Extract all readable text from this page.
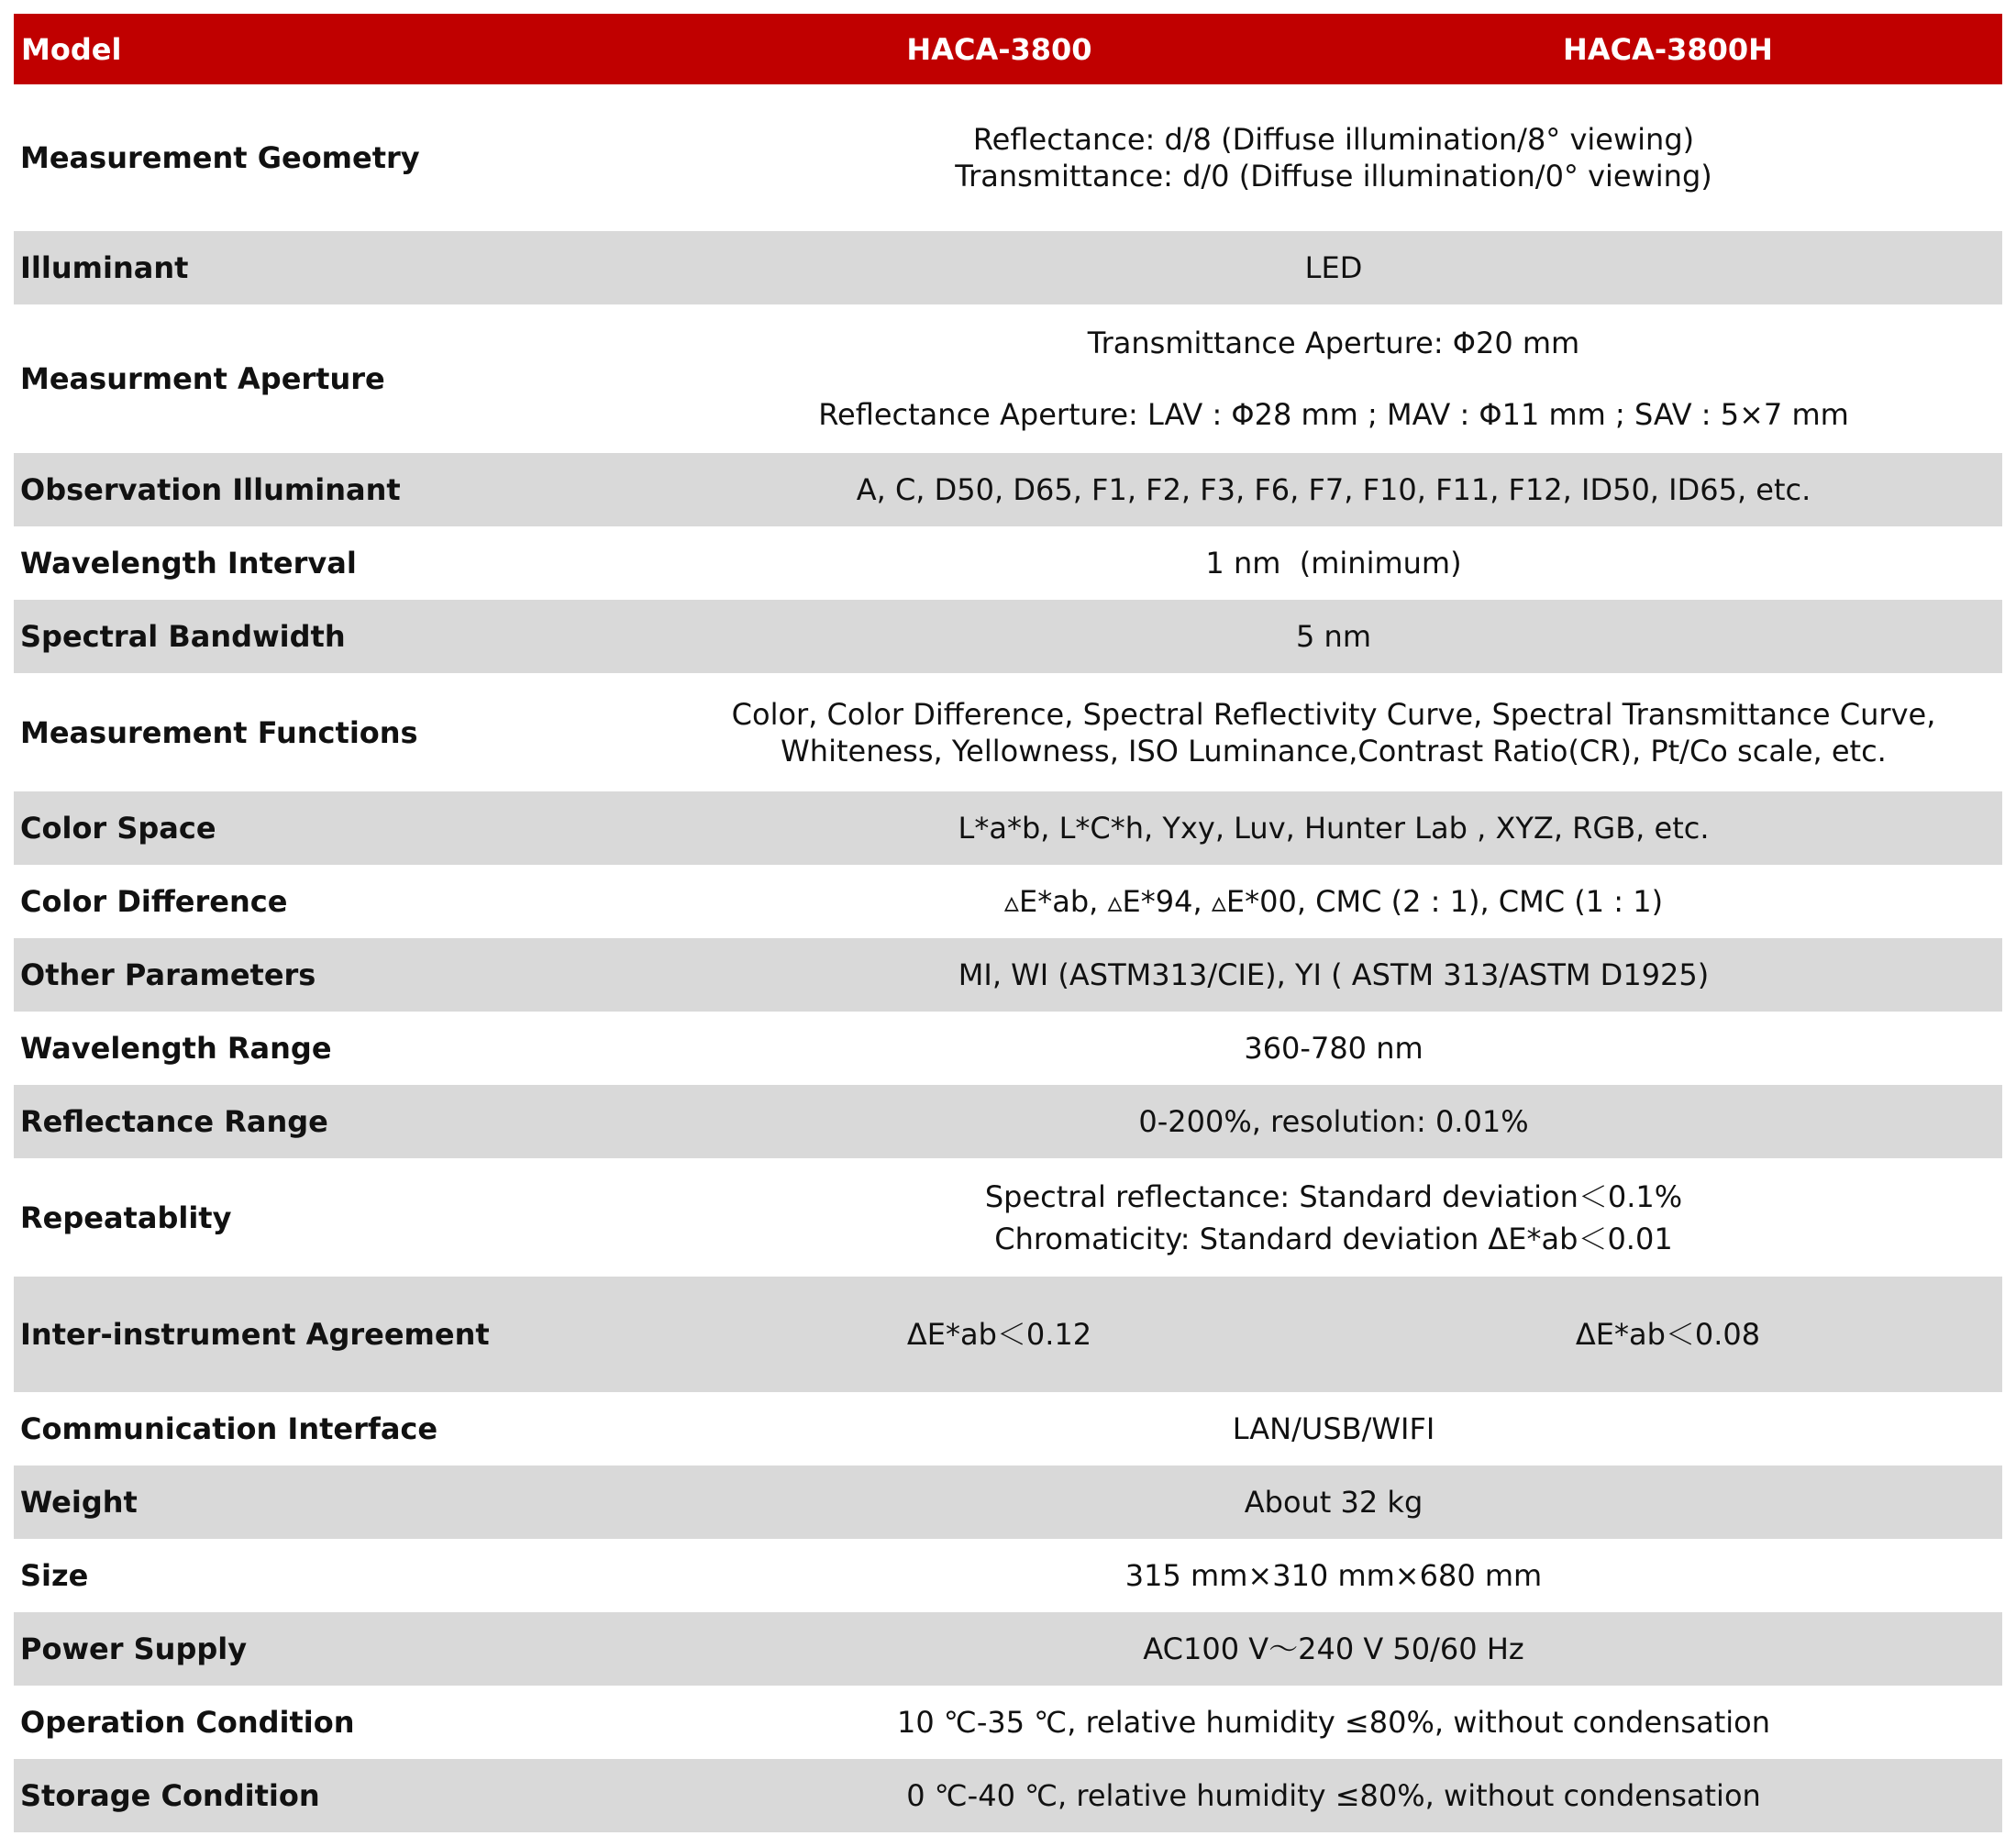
Model	HACA-3800	HACA-3800H
Measurement Geometry	Reflectance: d/8 (Diffuse illumination/8° viewing)
Transmittance: d/0 (Diffuse illumination/0° viewing)	

Illuminant	LED	
Measurment Aperture	Transmittance Aperture: Φ20 mm
Reflectance Aperture: LAV : Φ28 mm ; MAV : Φ11 mm ; SAV : 5×7 mm	

Observation Illuminant	A, C, D50, D65, F1, F2, F3, F6, F7, F10, F11, F12, ID50, ID65, etc.	
Wavelength Interval	1 nm  (minimum)	
Spectral Bandwidth	5 nm	
Measurement Functions	Color, Color Difference, Spectral Reflectivity Curve, Spectral Transmittance Curve,
Whiteness, Yellowness, ISO Luminance,Contrast Ratio(CR), Pt/Co scale, etc.	

Color Space	L*a*b, L*C*h, Yxy, Luv, Hunter Lab , XYZ, RGB, etc.	
Color Difference	▵E*ab, ▵E*94, ▵E*00, CMC (2 : 1), CMC (1 : 1)	
Other Parameters	MI, WI (ASTM313/CIE), YI ( ASTM 313/ASTM D1925)	
Wavelength Range	360-780 nm	
Reflectance Range	0-200%, resolution: 0.01%	
Repeatablity	Spectral reflectance: Standard deviation＜0.1%
Chromaticity: Standard deviation ΔE*ab＜0.01	

Inter-instrument Agreement	ΔE*ab＜0.12	ΔE*ab＜0.08
Communication Interface	LAN/USB/WIFI	
Weight	About 32 kg	
Size	315 mm×310 mm×680 mm	
Power Supply	AC100 V～240 V 50/60 Hz	
Operation Condition	10 ℃-35 ℃, relative humidity ≤80%, without condensation	
Storage Condition	0 ℃-40 ℃, relative humidity ≤80%, without condensation	
